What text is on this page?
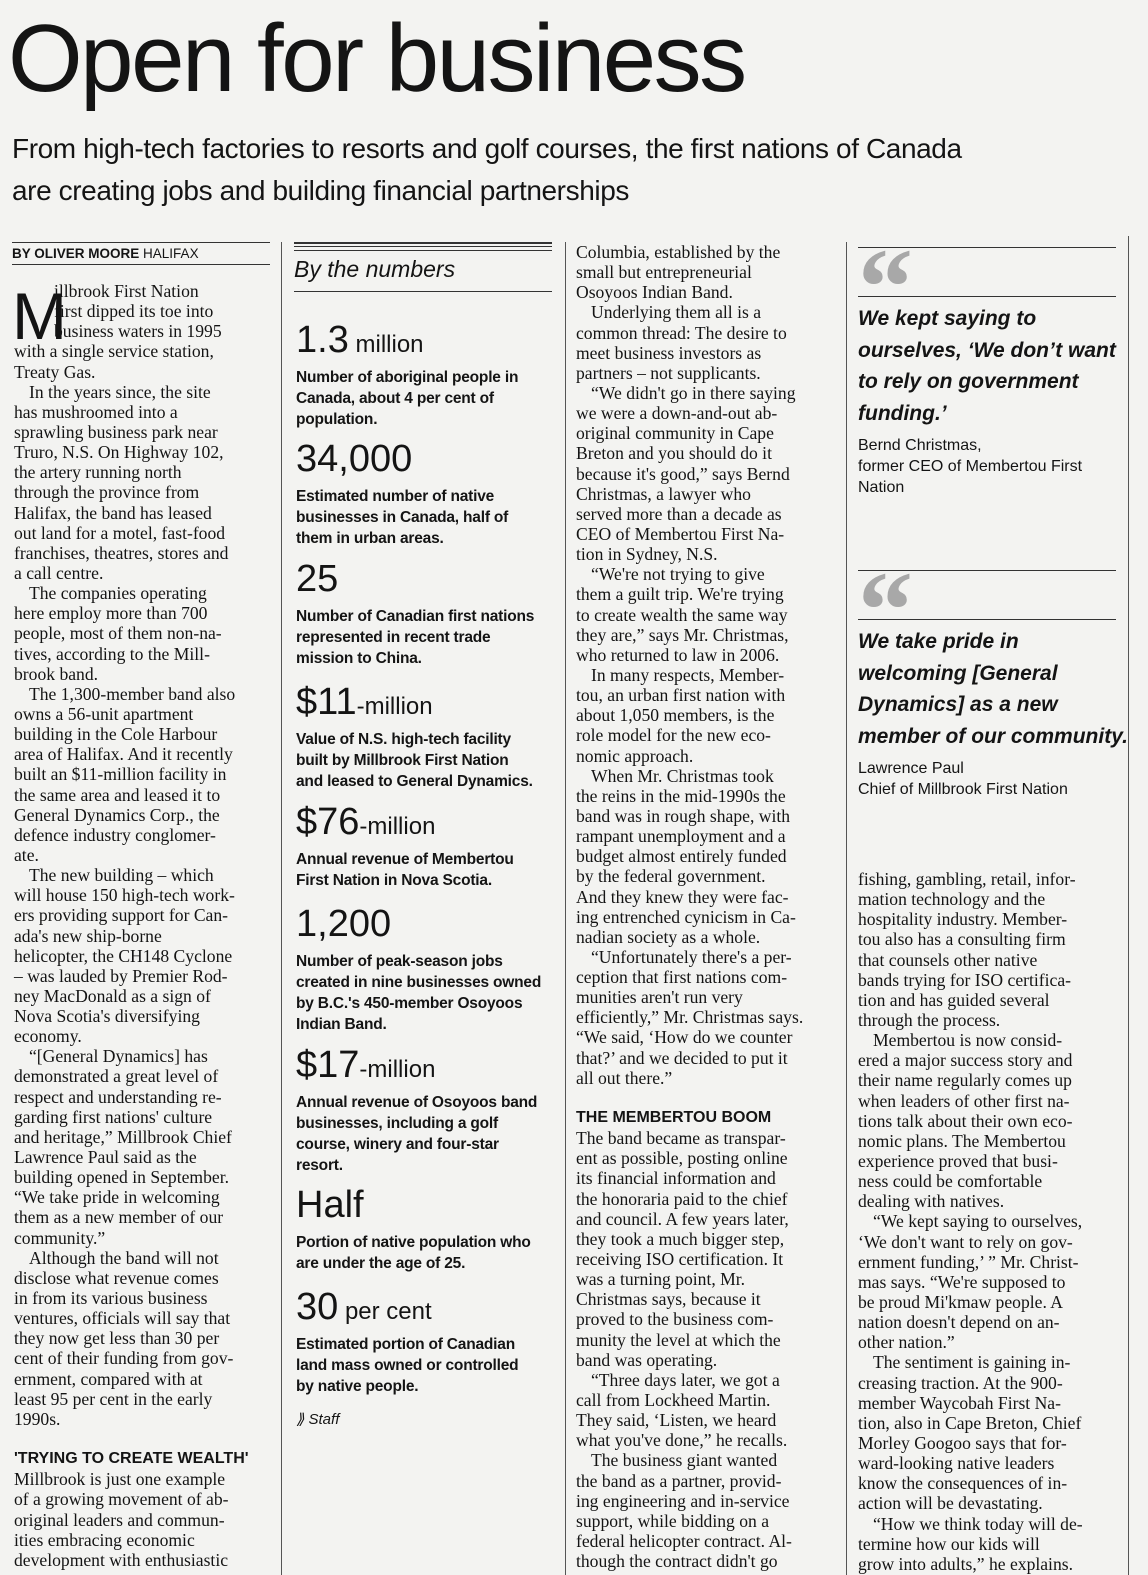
Open for business
From high-tech factories to resorts and golf courses, the first nations of Canada
are creating jobs and building financial partnerships
BY OLIVER MOORE HALIFAX
M
illbrook First Nation
first dipped its toe into
business waters in 1995
with a single service station,
Treaty Gas.
In the years since, the site
has mushroomed into a
sprawling business park near
Truro, N.S. On Highway 102,
the artery running north
through the province from
Halifax, the band has leased
out land for a motel, fast-food
franchises, theatres, stores and
a call centre.
The companies operating
here employ more than 700
people, most of them non-na-
tives, according to the Mill-
brook band.
The 1,300-member band also
owns a 56-unit apartment
building in the Cole Harbour
area of Halifax. And it recently
built an $11-million facility in
the same area and leased it to
General Dynamics Corp., the
defence industry conglomer-
ate.
The new building – which
will house 150 high-tech work-
ers providing support for Can-
ada's new ship-borne
helicopter, the CH148 Cyclone
– was lauded by Premier Rod-
ney MacDonald as a sign of
Nova Scotia's diversifying
economy.
“[General Dynamics] has
demonstrated a great level of
respect and understanding re-
garding first nations' culture
and heritage,” Millbrook Chief
Lawrence Paul said as the
building opened in September.
“We take pride in welcoming
them as a new member of our
community.”
Although the band will not
disclose what revenue comes
in from its various business
ventures, officials will say that
they now get less than 30 per
cent of their funding from gov-
ernment, compared with at
least 95 per cent in the early
1990s.
'TRYING TO CREATE WEALTH'
Millbrook is just one example
of a growing movement of ab-
original leaders and commun-
ities embracing economic
development with enthusiastic
Columbia, established by the
small but entrepreneurial
Osoyoos Indian Band.
Underlying them all is a
common thread: The desire to
meet business investors as
partners – not supplicants.
“We didn't go in there saying
we were a down-and-out ab-
original community in Cape
Breton and you should do it
because it's good,” says Bernd
Christmas, a lawyer who
served more than a decade as
CEO of Membertou First Na-
tion in Sydney, N.S.
“We're not trying to give
them a guilt trip. We're trying
to create wealth the same way
they are,” says Mr. Christmas,
who returned to law in 2006.
In many respects, Member-
tou, an urban first nation with
about 1,050 members, is the
role model for the new eco-
nomic approach.
When Mr. Christmas took
the reins in the mid-1990s the
band was in rough shape, with
rampant unemployment and a
budget almost entirely funded
by the federal government.
And they knew they were fac-
ing entrenched cynicism in Ca-
nadian society as a whole.
“Unfortunately there's a per-
ception that first nations com-
munities aren't run very
efficiently,” Mr. Christmas says.
“We said, ‘How do we counter
that?’ and we decided to put it
all out there.”
THE MEMBERTOU BOOM
The band became as transpar-
ent as possible, posting online
its financial information and
the honoraria paid to the chief
and council. A few years later,
they took a much bigger step,
receiving ISO certification. It
was a turning point, Mr.
Christmas says, because it
proved to the business com-
munity the level at which the
band was operating.
“Three days later, we got a
call from Lockheed Martin.
They said, ‘Listen, we heard
what you've done,” he recalls.
The business giant wanted
the band as a partner, provid-
ing engineering and in-service
support, while bidding on a
federal helicopter contract. Al-
though the contract didn't go
fishing, gambling, retail, infor-
mation technology and the
hospitality industry. Member-
tou also has a consulting firm
that counsels other native
bands trying for ISO certifica-
tion and has guided several
through the process.
Membertou is now consid-
ered a major success story and
their name regularly comes up
when leaders of other first na-
tions talk about their own eco-
nomic plans. The Membertou
experience proved that busi-
ness could be comfortable
dealing with natives.
“We kept saying to ourselves,
‘We don't want to rely on gov-
ernment funding,’ ” Mr. Christ-
mas says. “We're supposed to
be proud Mi'kmaw people. A
nation doesn't depend on an-
other nation.”
The sentiment is gaining in-
creasing traction. At the 900-
member Waycobah First Na-
tion, also in Cape Breton, Chief
Morley Googoo says that for-
ward-looking native leaders
know the consequences of in-
action will be devastating.
“How we think today will de-
termine how our kids will
grow into adults,” he explains.
By the numbers
1.3 million
Number of aboriginal people in
Canada, about 4 per cent of
population.
34,000
Estimated number of native
businesses in Canada, half of
them in urban areas.
25
Number of Canadian first nations
represented in recent trade
mission to China.
$11-million
Value of N.S. high-tech facility
built by Millbrook First Nation
and leased to General Dynamics.
$76-million
Annual revenue of Membertou
First Nation in Nova Scotia.
1,200
Number of peak-season jobs
created in nine businesses owned
by B.C.'s 450-member Osoyoos
Indian Band.
$17-million
Annual revenue of Osoyoos band
businesses, including a golf
course, winery and four-star
resort.
Half
Portion of native population who
are under the age of 25.
30 per cent
Estimated portion of Canadian
land mass owned or controlled
by native people.
⟫ Staff
We kept saying to
ourselves, ‘We don’t want
to rely on government
funding.’
Bernd Christmas,
former CEO of Membertou First
Nation
We take pride in
welcoming [General
Dynamics] as a new
member of our community.
Lawrence Paul
Chief of Millbrook First Nation
